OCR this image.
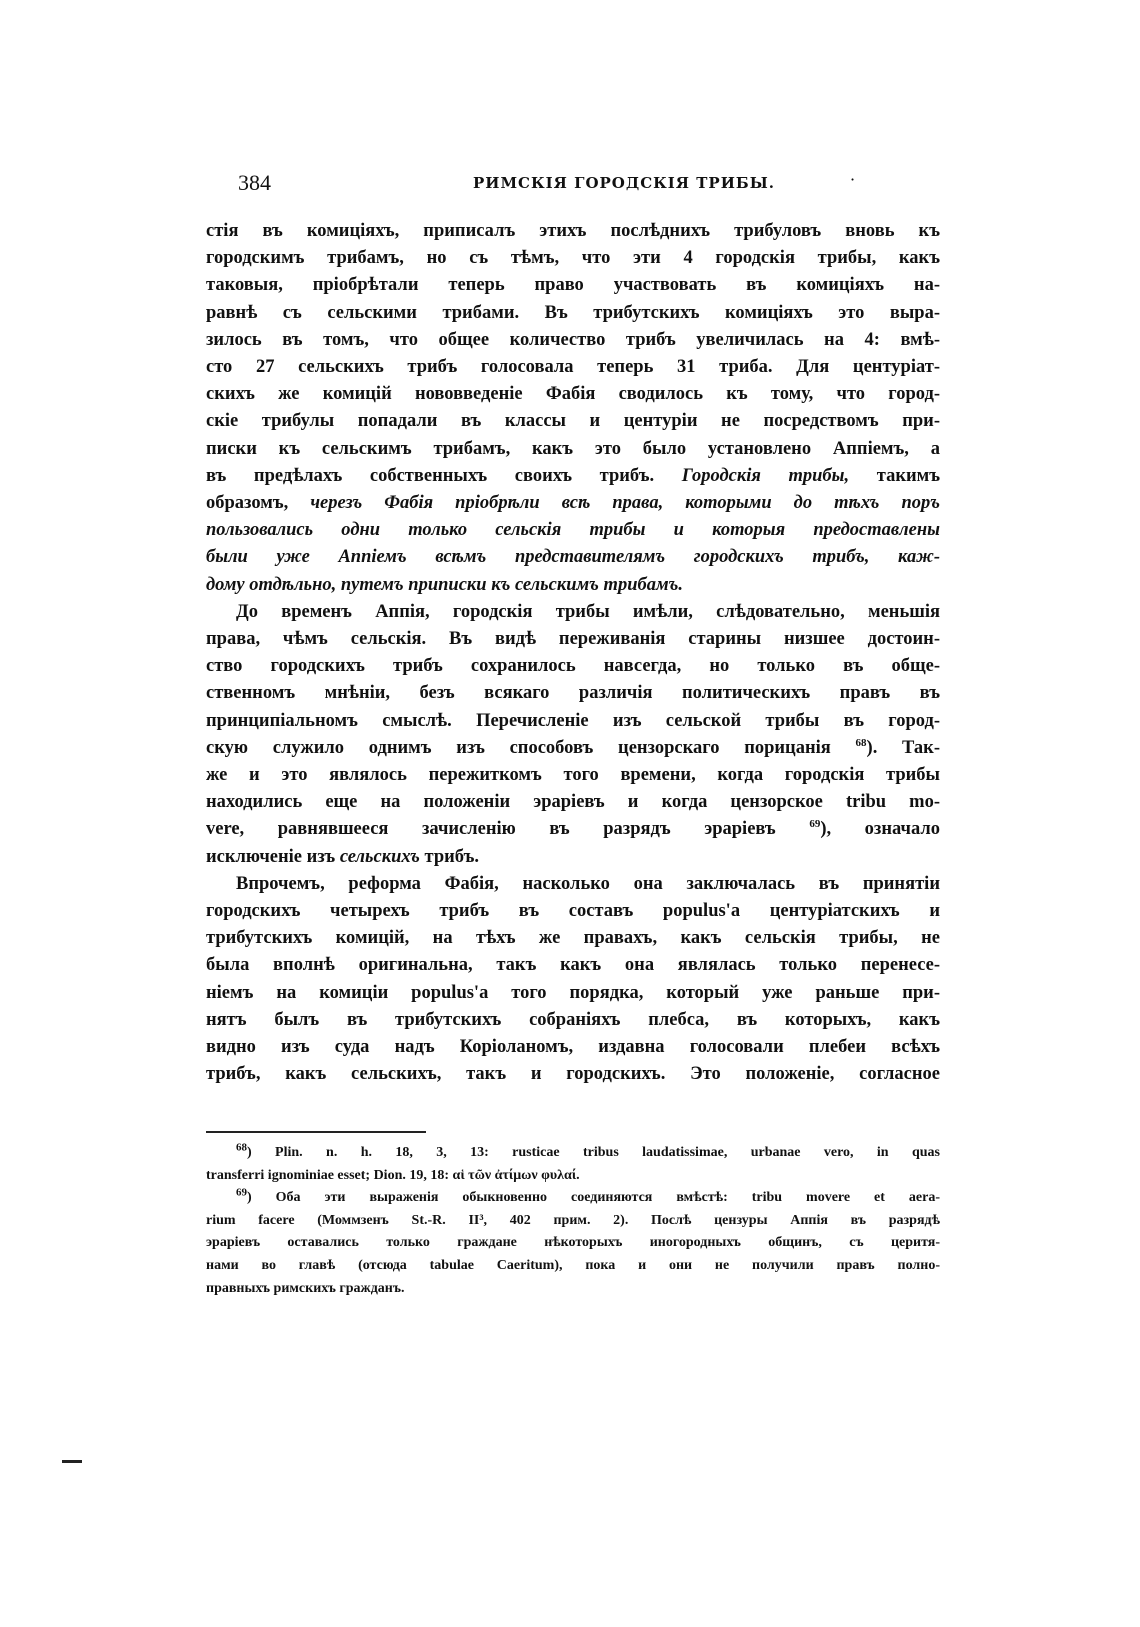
384	РИМСКІЯ ГОРОДСКІЯ ТРИБЫ.	·
стія въ комиціяхъ, приписалъ этихъ послѣднихъ трибуловъ вновь къ
городскимъ трибамъ, но съ тѣмъ, что эти 4 городскія трибы, какъ
таковыя, пріобрѣтали теперь право участвовать въ комиціяхъ на-
равнѣ съ сельскими трибами. Въ трибутскихъ комиціяхъ это выра-
зилось въ томъ, что общее количество трибъ увеличилась на 4: вмѣ-
сто 27 сельскихъ трибъ голосовала теперь 31 триба. Для центуріат-
скихъ же комицій нововведеніе Фабія сводилось къ тому, что город-
скіе трибулы попадали въ классы и центуріи не посредствомъ при-
писки къ сельскимъ трибамъ, какъ это было установлено Аппіемъ, а
въ предѣлахъ собственныхъ своихъ трибъ. Городскія трибы, такимъ
образомъ, черезъ Фабія пріобрѣли всѣ права, которыми до тѣхъ поръ
пользовались одни только сельскія трибы и которыя предоставлены
были уже Аппіемъ всѣмъ представителямъ городскихъ трибъ, каж-
дому отдѣльно, путемъ приписки къ сельскимъ трибамъ.
До временъ Аппія, городскія трибы имѣли, слѣдовательно, меньшія
права, чѣмъ сельскія. Въ видѣ переживанія старины низшее достоин-
ство городскихъ трибъ сохранилось навсегда, но только въ обще-
ственномъ мнѣніи, безъ всякаго различія политическихъ правъ въ
принципіальномъ смыслѣ. Перечисленіе изъ сельской трибы въ город-
скую служило однимъ изъ способовъ цензорскаго порицанія $^{68}$). Так-
же и это являлось пережиткомъ того времени, когда городскія трибы
находились еще на положеніи эраріевъ и когда цензорское tribu mo-
vere, равнявшееся зачисленію въ разрядъ эраріевъ	$^{69}$), означало
исключеніе изъ сельскихъ трибъ.
Впрочемъ, реформа Фабія, насколько она заключалась въ принятіи
городскихъ четырехъ трибъ въ составъ populus'а центуріатскихъ и
трибутскихъ комицій, на тѣхъ же правахъ, какъ сельскія трибы, не
была вполнѣ оригинальна, такъ какъ она являлась только перенесе-
ніемъ на комиціи populus'а того порядка, который уже раньше при-
нятъ былъ въ трибутскихъ собраніяхъ плебса, въ которыхъ, какъ
видно изъ суда надъ Коріоланомъ, издавна голосовали плебеи всѣхъ
трибъ, какъ сельскихъ, такъ и городскихъ. Это положеніе, согласное
$^{68}$) Plin. n. h. 18, 3, 13: rusticae tribus laudatissimae, urbanae vero, in quas
transferri ignominiae esset; Dion. 19, 18: αἱ τῶν ἀτίμων φυλαί.
$^{69}$) Оба эти выраженія обыкновенно соединяются вмѣстѣ: tribu movere et aera-
rium facere (Моммзенъ St.-R. II³, 402 прим. 2). Послѣ цензуры Аппія въ разрядѣ
эраріевъ оставались только граждане нѣкоторыхъ иногородныхъ общинъ, съ церитя-
нами во главѣ (отсюда tabulae Caeritum), пока и они не получили правъ полно-
правныхъ римскихъ гражданъ.
